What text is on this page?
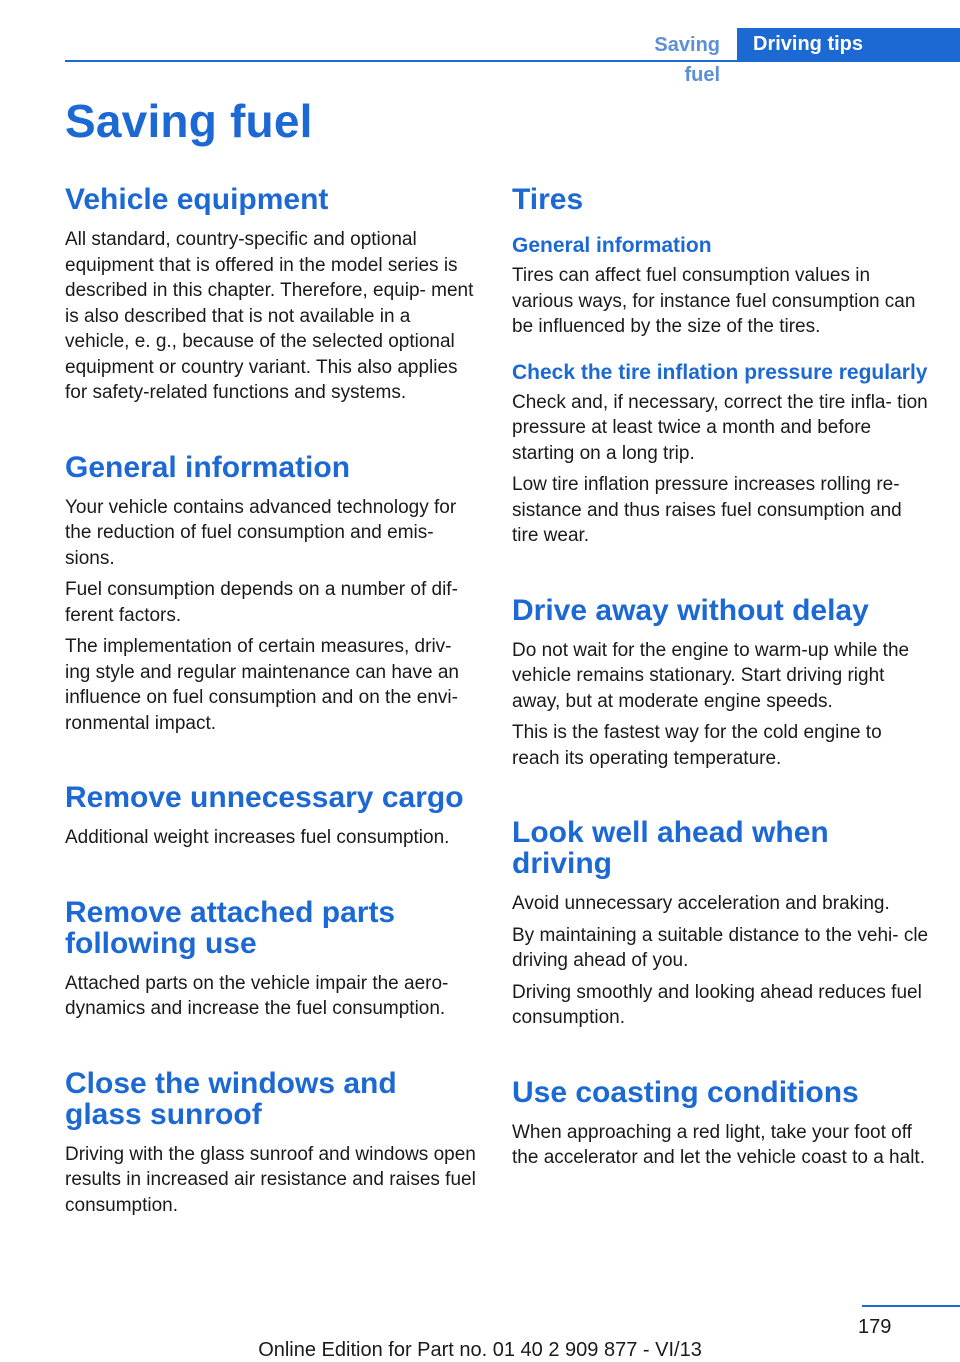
Saving fuel
Driving tips
Saving fuel
Vehicle equipment

All standard, country-specific and optional equipment that is offered in the model series is described in this chapter. Therefore, equip‐ ment is also described that is not available in a vehicle, e. g., because of the selected optional equipment or country variant. This also applies for safety-related functions and systems.

General information

Your vehicle contains advanced technology for the reduction of fuel consumption and emis‐ sions.

Fuel consumption depends on a number of dif‐ ferent factors.

The implementation of certain measures, driv‐ ing style and regular maintenance can have an influence on fuel consumption and on the envi‐ ronmental impact.

Remove unnecessary cargo

Additional weight increases fuel consumption.

Remove attached parts following use

Attached parts on the vehicle impair the aero‐ dynamics and increase the fuel consumption.

Close the windows and glass sunroof

Driving with the glass sunroof and windows open results in increased air resistance and raises fuel consumption.

Tires
General information

Tires can affect fuel consumption values in various ways, for instance fuel consumption can be influenced by the size of the tires.

Check the tire inflation pressure regularly

Check and, if necessary, correct the tire infla‐ tion pressure at least twice a month and before starting on a long trip.

Low tire inflation pressure increases rolling re‐ sistance and thus raises fuel consumption and tire wear.

Drive away without delay

Do not wait for the engine to warm-up while the vehicle remains stationary. Start driving right away, but at moderate engine speeds.

This is the fastest way for the cold engine to reach its operating temperature.

Look well ahead when driving

Avoid unnecessary acceleration and braking.

By maintaining a suitable distance to the vehi‐ cle driving ahead of you.

Driving smoothly and looking ahead reduces fuel consumption.

Use coasting conditions

When approaching a red light, take your foot off the accelerator and let the vehicle coast to a halt.

179
Online Edition for Part no. 01 40 2 909 877 - VI/13
